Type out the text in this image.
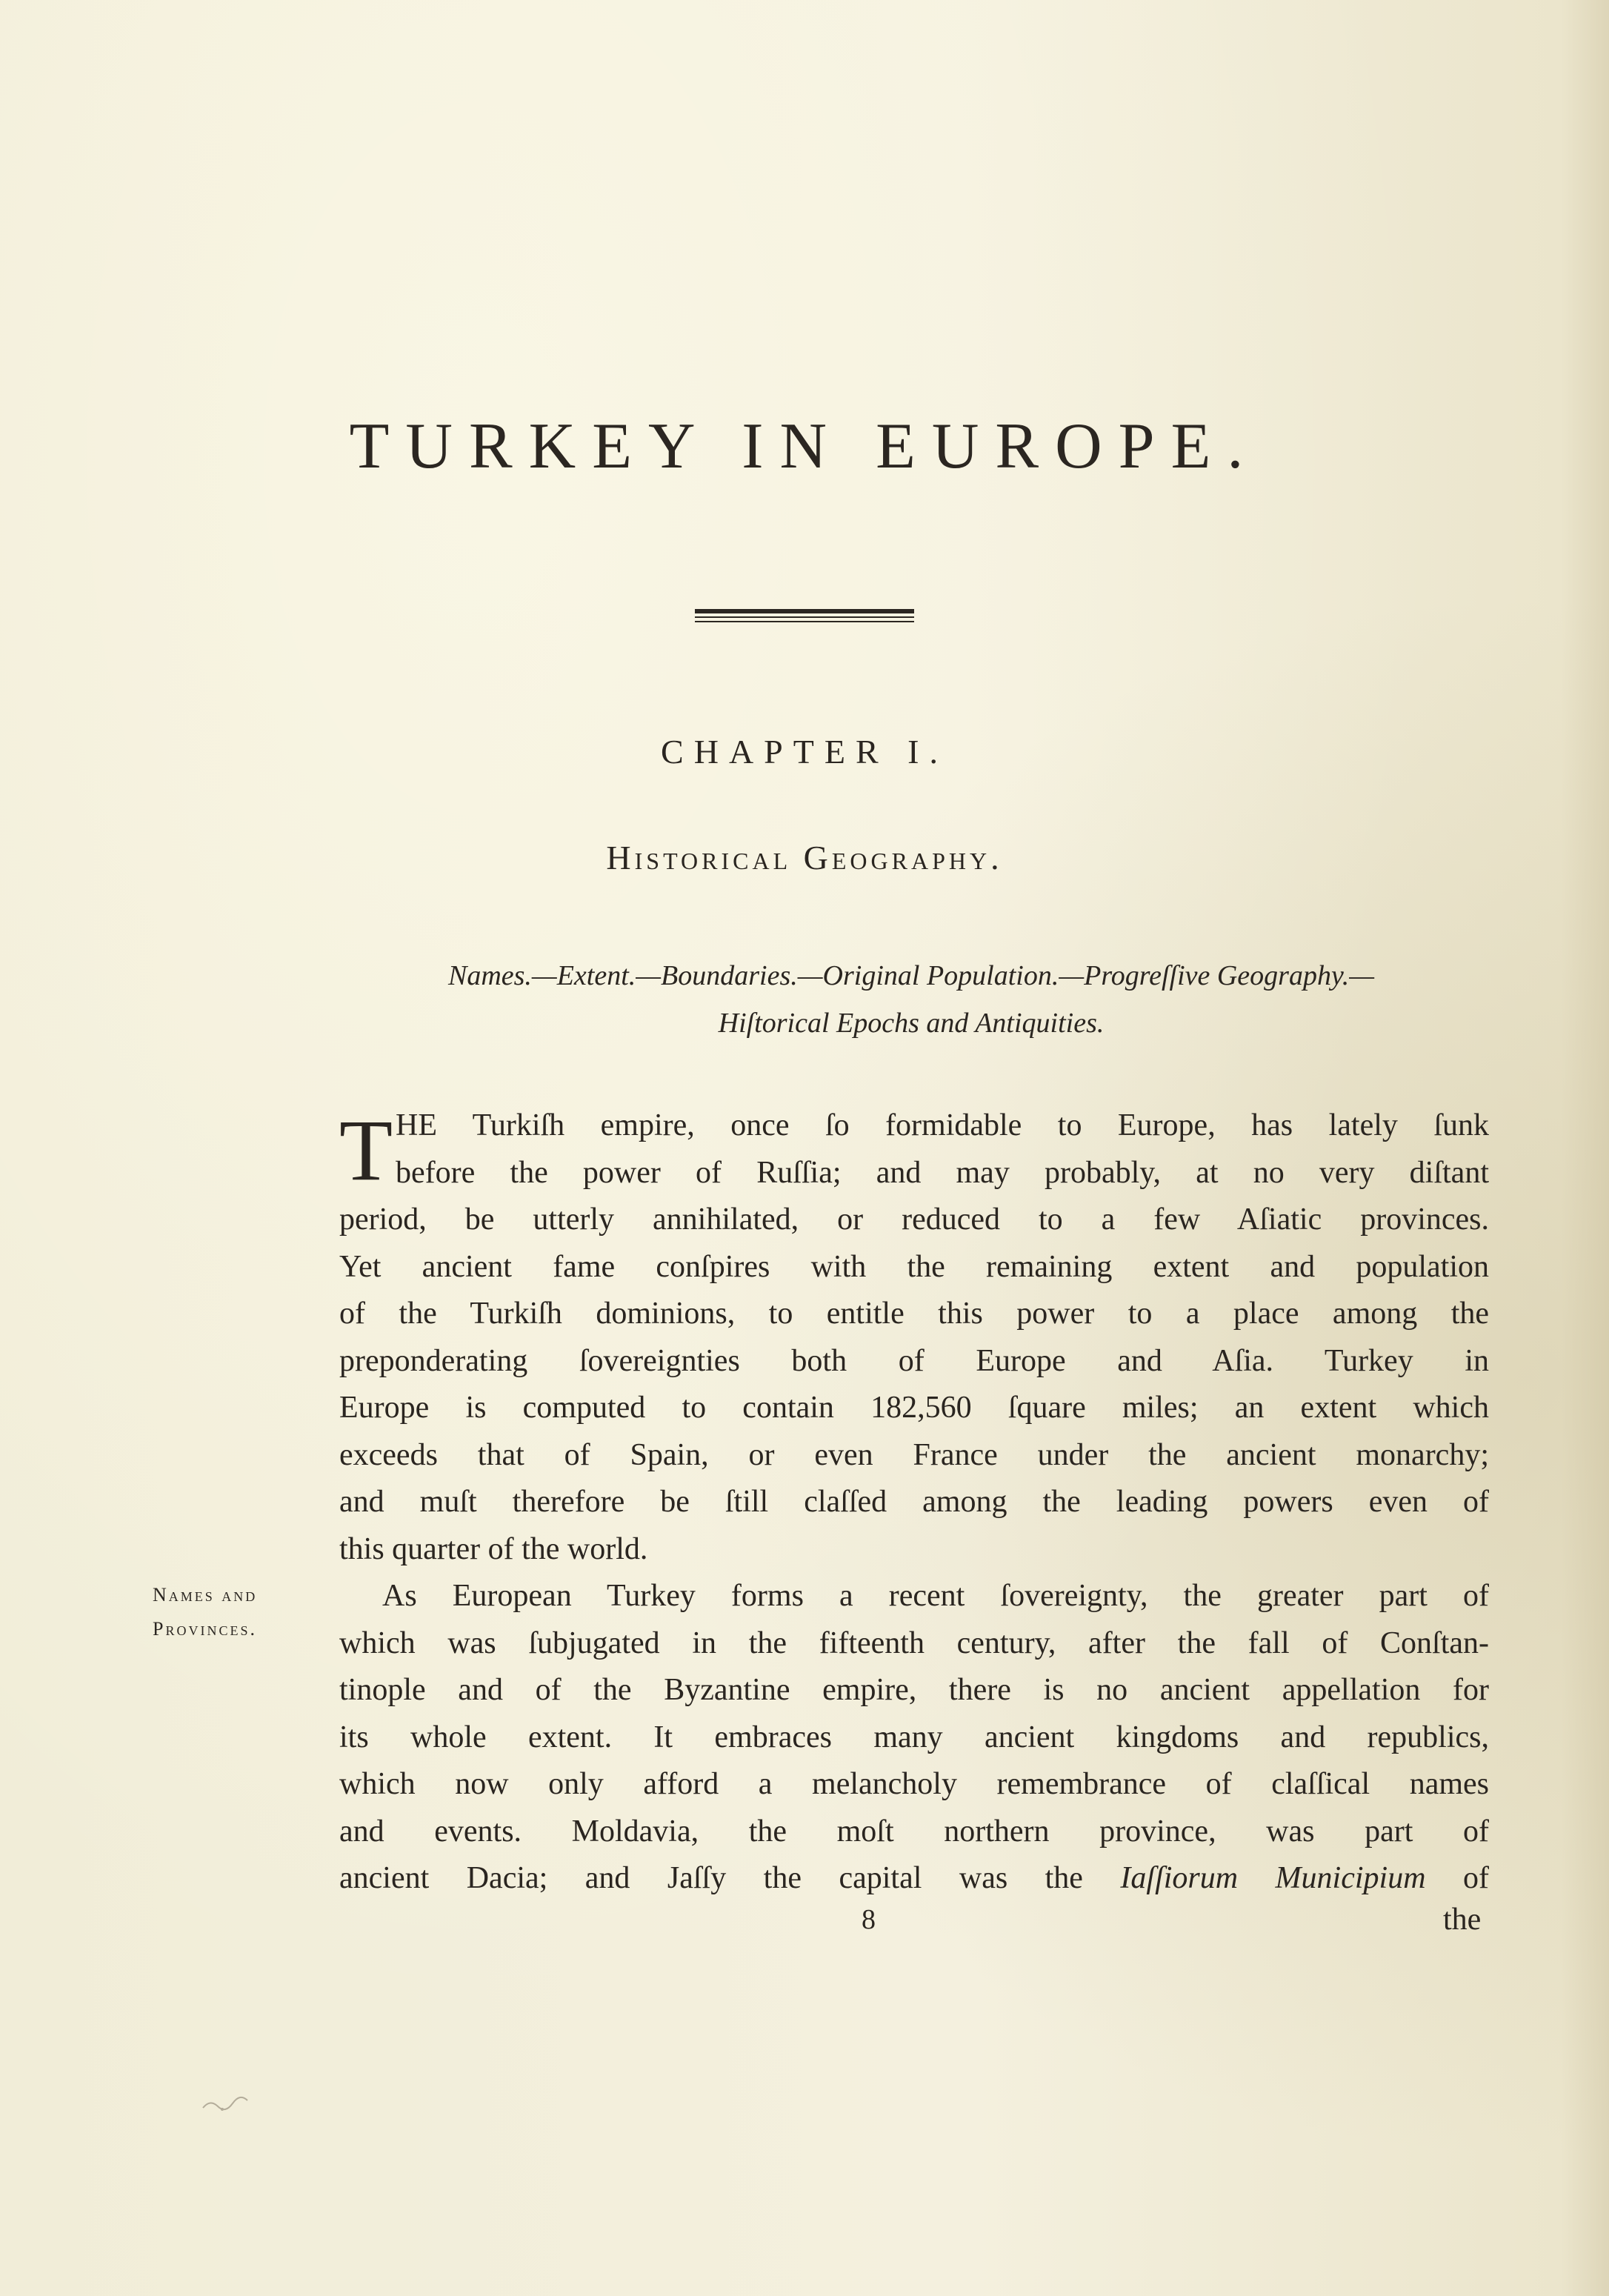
TURKEY IN EUROPE.
CHAPTER I.
Historical Geography.
Names.—Extent.—Boundaries.—Original Population.—Progreſſive Geography.—
Hiſtorical Epochs and Antiquities.
T HE Turkiſh empire, once ſo formidable to Europe, has lately ſunk
before the power of Ruſſia; and may probably, at no very diſtant
period, be utterly annihilated, or reduced to a few Aſiatic provinces.
Yet ancient fame conſpires with the remaining extent and population
of the Turkiſh dominions, to entitle this power to a place among the
preponderating ſovereignties both of Europe and Aſia. Turkey in
Europe is computed to contain 182,560 ſquare miles; an extent which
exceeds that of Spain, or even France under the ancient monarchy;
and muſt therefore be ſtill claſſed among the leading powers even of
this quarter of the world.
As European Turkey forms a recent ſovereignty, the greater part of
which was ſubjugated in the fifteenth century, after the fall of Conſtan-
tinople and of the Byzantine empire, there is no ancient appellation for
its whole extent. It embraces many ancient kingdoms and republics,
which now only afford a melancholy remembrance of claſſical names
and events. Moldavia, the moſt northern province, was part of
ancient Dacia; and Jaſſy the capital was the Iaſſiorum Municipium of
Names and
Provinces.
8	the
